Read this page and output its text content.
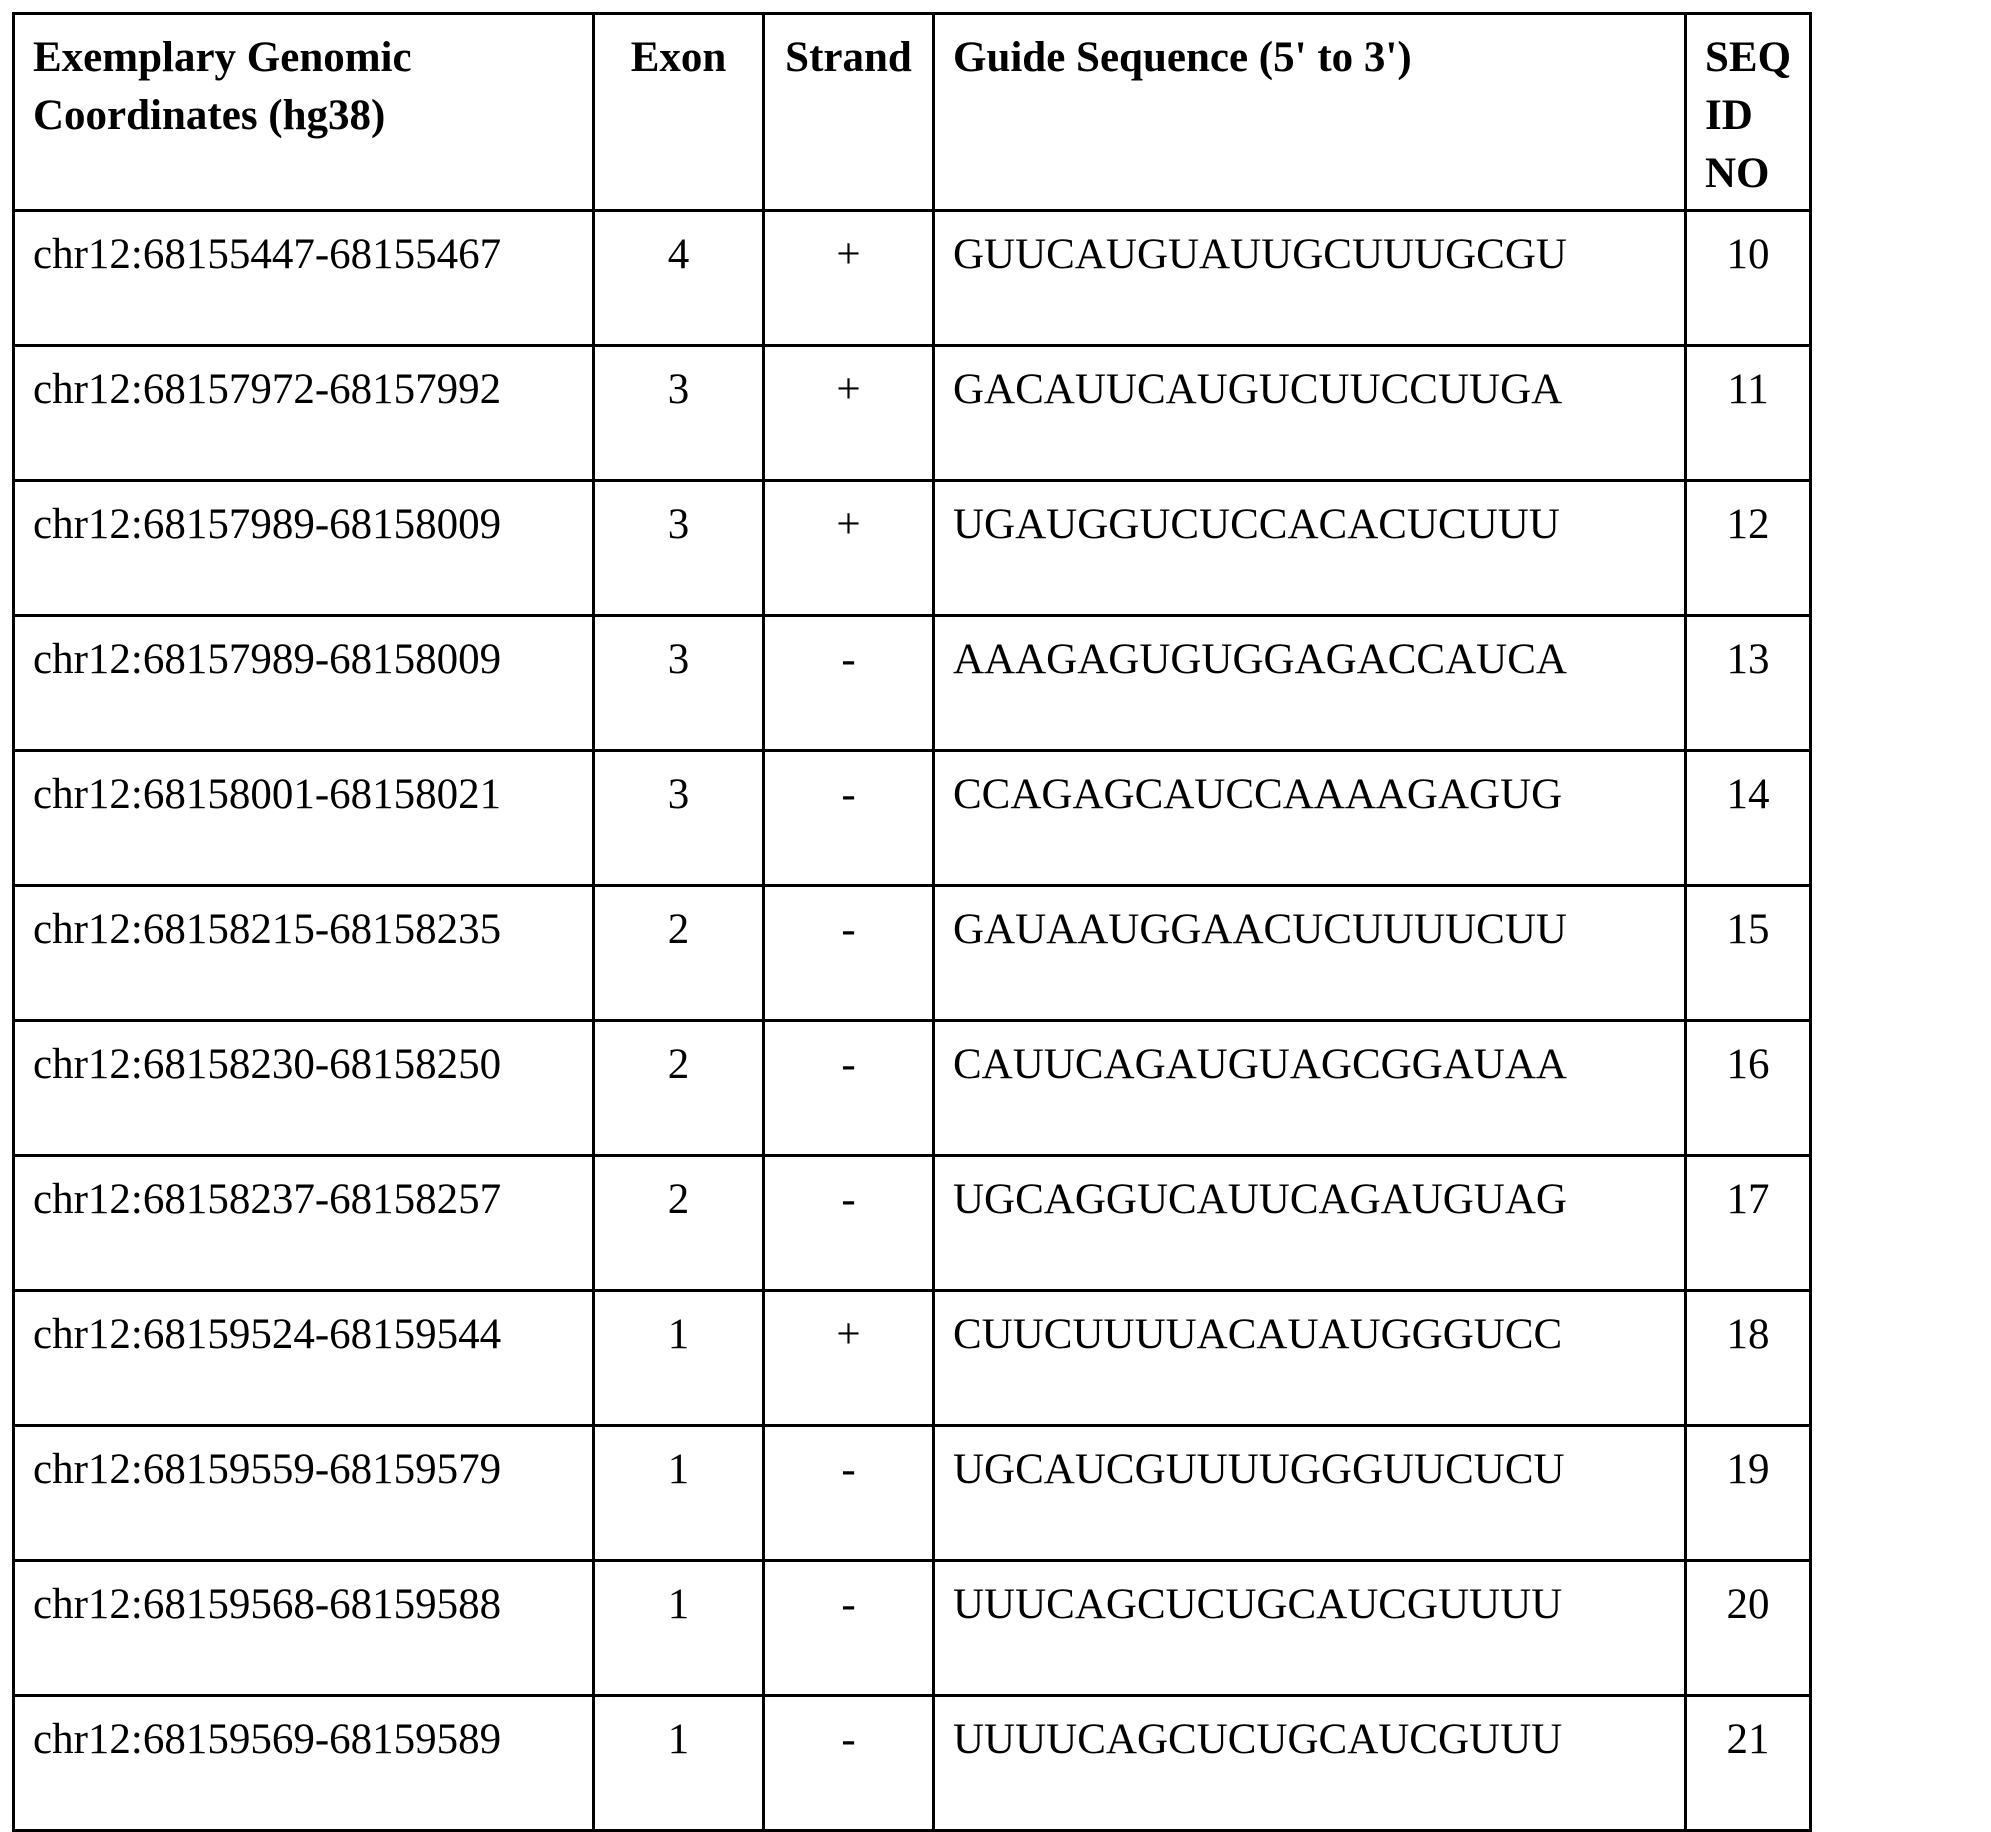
Exemplary Genomic Coordinates (hg38)	Exon	Strand	Guide Sequence (5' to 3')	SEQ ID NO
chr12:68155447-68155467	4	+	GUUCAUGUAUUGCUUUGCGU	10
chr12:68157972-68157992	3	+	GACAUUCAUGUCUUCCUUGA	11
chr12:68157989-68158009	3	+	UGAUGGUCUCCACACUCUUU	12
chr12:68157989-68158009	3	-	AAAGAGUGUGGAGACCAUCA	13
chr12:68158001-68158021	3	-	CCAGAGCAUCCAAAAGAGUG	14
chr12:68158215-68158235	2	-	GAUAAUGGAACUCUUUUCUU	15
chr12:68158230-68158250	2	-	CAUUCAGAUGUAGCGGAUAA	16
chr12:68158237-68158257	2	-	UGCAGGUCAUUCAGAUGUAG	17
chr12:68159524-68159544	1	+	CUUCUUUUACAUAUGGGUCC	18
chr12:68159559-68159579	1	-	UGCAUCGUUUUGGGUUCUCU	19
chr12:68159568-68159588	1	-	UUUCAGCUCUGCAUCGUUUU	20
chr12:68159569-68159589	1	-	UUUUCAGCUCUGCAUCGUUU	21
